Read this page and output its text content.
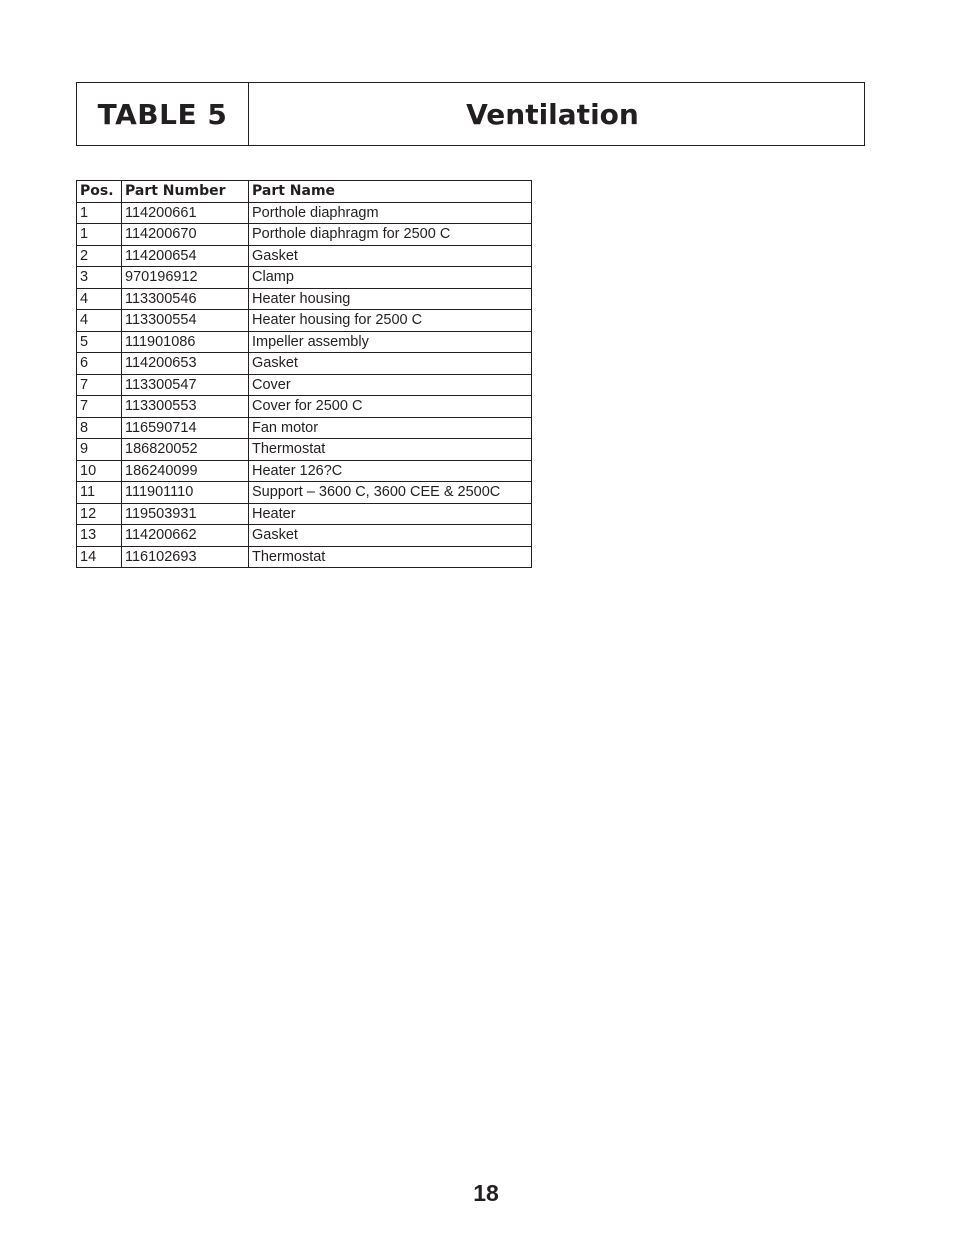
TABLE 5	Ventilation
Pos.	Part Number	Part Name
1	114200661	Porthole diaphragm
1	114200670	Porthole diaphragm for 2500 C
2	114200654	Gasket
3	970196912	Clamp
4	113300546	Heater housing
4	113300554	Heater housing for 2500 C
5	111901086	Impeller assembly
6	114200653	Gasket
7	113300547	Cover
7	113300553	Cover for 2500 C
8	116590714	Fan motor
9	186820052	Thermostat
10	186240099	Heater 126?C
11	111901110	Support – 3600 C, 3600 CEE & 2500C
12	119503931	Heater
13	114200662	Gasket
14	116102693	Thermostat
18
